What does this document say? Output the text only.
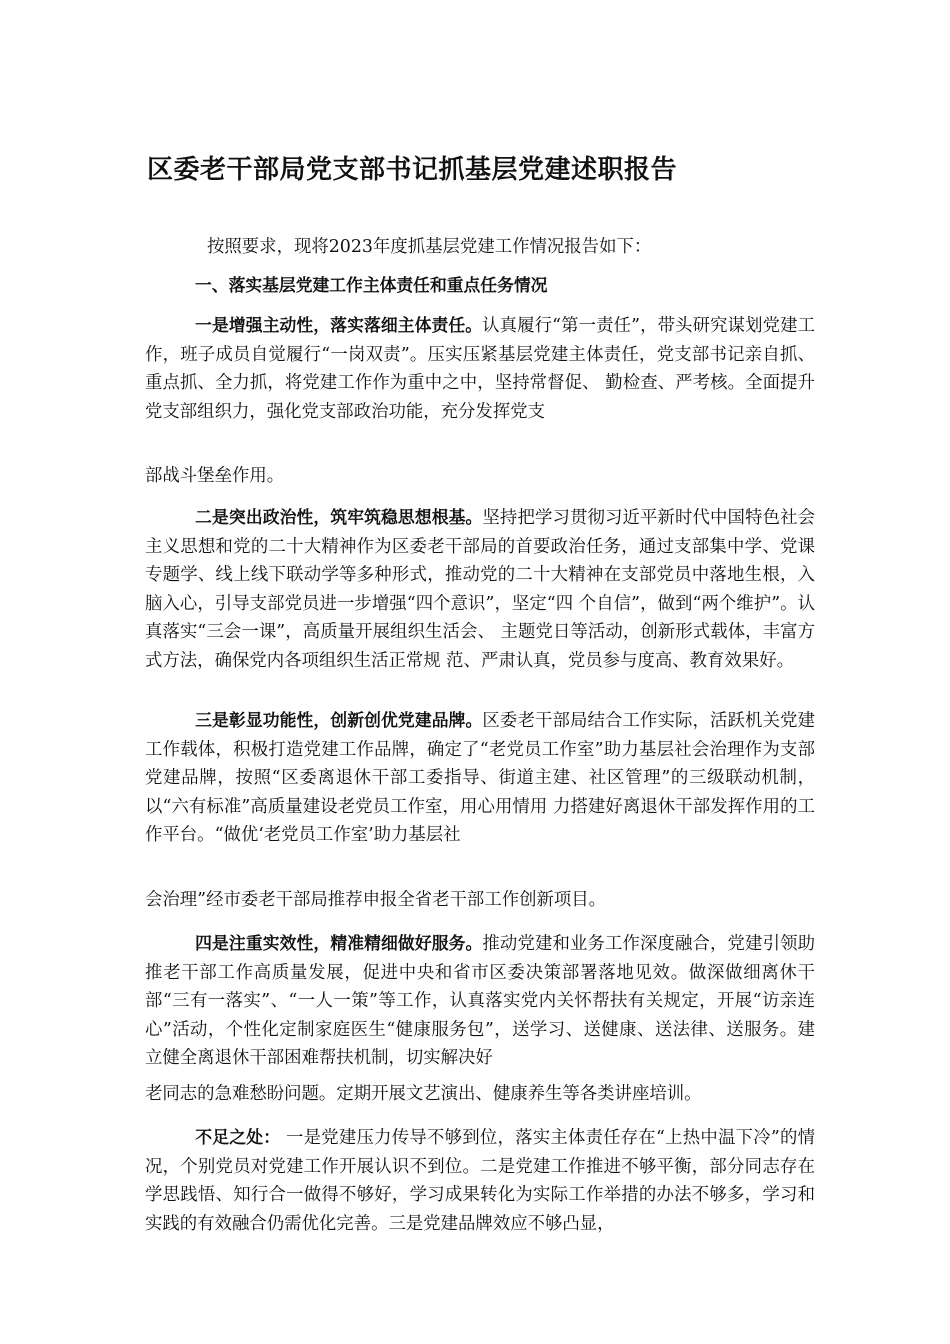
区委老干部局党支部书记抓基层党建述职报告
按照要求，现将2023年度抓基层党建工作情况报告如下：
一、落实基层党建工作主体责任和重点任务情况
一是增强主动性，落实落细主体责任。认真履行“第一责任”，带头研究谋划党建工作，班子成员自觉履行“一岗双责”。压实压紧基层党建主体责任，党支部书记亲自抓、重点抓、全力抓，将党建工作作为重中之中，坚持常督促、 勤检查、严考核。全面提升党支部组织力，强化党支部政治功能，充分发挥党支
部战斗堡垒作用。
二是突出政治性，筑牢筑稳思想根基。坚持把学习贯彻习近平新时代中国特色社会主义思想和党的二十大精神作为区委老干部局的首要政治任务，通过支部集中学、党课专题学、线上线下联动学等多种形式，推动党的二十大精神在支部党员中落地生根，入脑入心，引导支部党员进一步增强“四个意识”，坚定“四 个自信”，做到“两个维护”。认真落实“三会一课”，高质量开展组织生活会、 主题党日等活动，创新形式载体，丰富方式方法，确保党内各项组织生活正常规 范、严肃认真，党员参与度高、教育效果好。
三是彰显功能性，创新创优党建品牌。区委老干部局结合工作实际，活跃机关党建工作载体，积极打造党建工作品牌，确定了“老党员工作室”助力基层社会治理作为支部党建品牌，按照“区委离退休干部工委指导、街道主建、社区管理”的三级联动机制，以“六有标准”高质量建设老党员工作室，用心用情用 力搭建好离退休干部发挥作用的工作平台。“做优‘老党员工作室’助力基层社
会治理”经市委老干部局推荐申报全省老干部工作创新项目。
四是注重实效性，精准精细做好服务。推动党建和业务工作深度融合，党建引领助推老干部工作高质量发展，促进中央和省市区委决策部署落地见效。做深做细离休干部“三有一落实”、“一人一策”等工作，认真落实党内关怀帮扶有关规定，开展“访亲连心”活动，个性化定制家庭医生“健康服务包”，送学习、送健康、送法律、送服务。建立健全离退休干部困难帮扶机制，切实解决好
老同志的急难愁盼问题。定期开展文艺演出、健康养生等各类讲座培训。
不足之处： 一是党建压力传导不够到位，落实主体责任存在“上热中温下冷”的情况，个别党员对党建工作开展认识不到位。二是党建工作推进不够平衡，部分同志存在学思践悟、知行合一做得不够好，学习成果转化为实际工作举措的办法不够多，学习和实践的有效融合仍需优化完善。三是党建品牌效应不够凸显，
